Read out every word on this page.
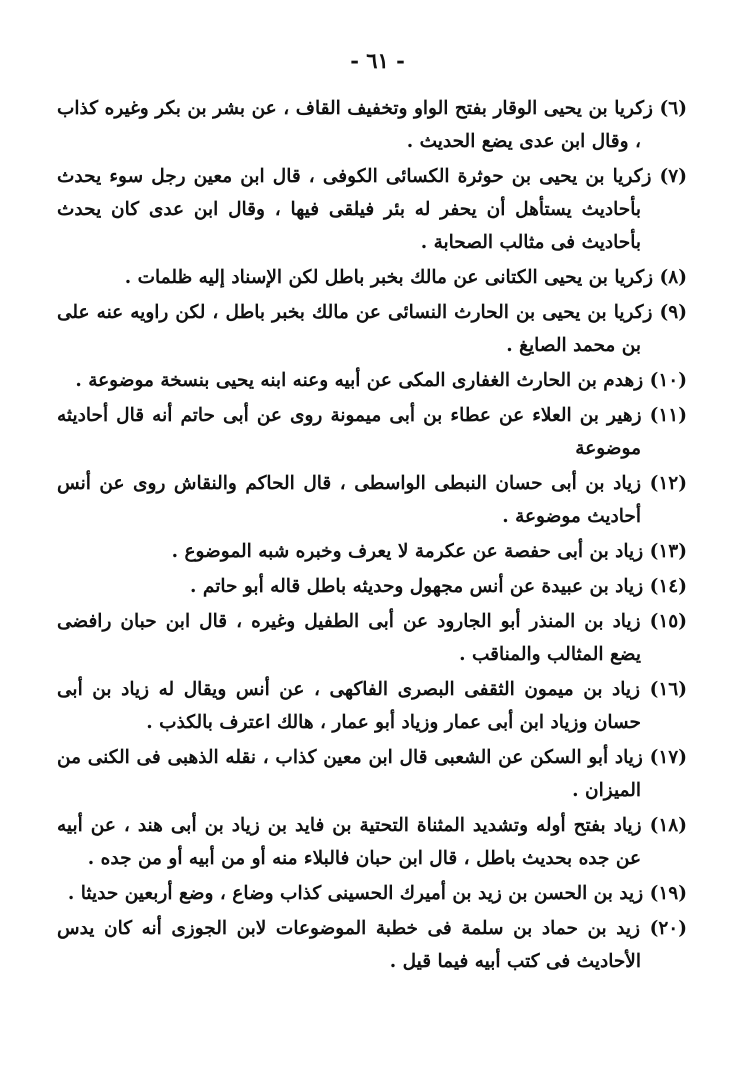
- ٦١ -

(٦) زكريا بن يحيى الوقار بفتح الواو وتخفيف القاف ، عن بشر بن بكر وغيره كذاب ، وقال ابن عدى يضع الحديث .

(٧) زكريا بن يحيى بن حوثرة الكسائى الكوفى ، قال ابن معين رجل سوء يحدث بأحاديث يستأهل أن يحفر له بئر فيلقى فيها ، وقال ابن عدى كان يحدث بأحاديث فى مثالب الصحابة .

(٨) زكريا بن يحيى الكتانى عن مالك بخبر باطل لكن الإسناد إليه ظلمات .

(٩) زكريا بن يحيى بن الحارث النسائى عن مالك بخبر باطل ، لكن راويه عنه على بن محمد الصايغ .

(١٠) زهدم بن الحارث الغفارى المكى عن أبيه وعنه ابنه يحيى بنسخة موضوعة .

(١١) زهير بن العلاء عن عطاء بن أبى ميمونة روى عن أبى حاتم أنه قال أحاديثه موضوعة

(١٢) زياد بن أبى حسان النبطى الواسطى ، قال الحاكم والنقاش روى عن أنس أحاديث موضوعة .

(١٣) زياد بن أبى حفصة عن عكرمة لا يعرف وخبره شبه الموضوع .

(١٤) زياد بن عبيدة عن أنس مجهول وحديثه باطل قاله أبو حاتم .

(١٥) زياد بن المنذر أبو الجارود عن أبى الطفيل وغيره ، قال ابن حبان رافضى يضع المثالب والمناقب .

(١٦) زياد بن ميمون الثقفى البصرى الفاكهى ، عن أنس ويقال له زياد بن أبى حسان وزياد ابن أبى عمار وزياد أبو عمار ، هالك اعترف بالكذب .

(١٧) زياد أبو السكن عن الشعبى قال ابن معين كذاب ، نقله الذهبى فى الكنى من الميزان .

(١٨) زياد بفتح أوله وتشديد المثناة التحتية بن فايد بن زياد بن أبى هند ، عن أبيه عن جده بحديث باطل ، قال ابن حبان فالبلاء منه أو من أبيه أو من جده .

(١٩) زيد بن الحسن بن زيد بن أميرك الحسينى كذاب وضاع ، وضع أربعين حديثا .

(٢٠) زيد بن حماد بن سلمة فى خطبة الموضوعات لابن الجوزى أنه كان يدس الأحاديث فى كتب أبيه فيما قيل .
